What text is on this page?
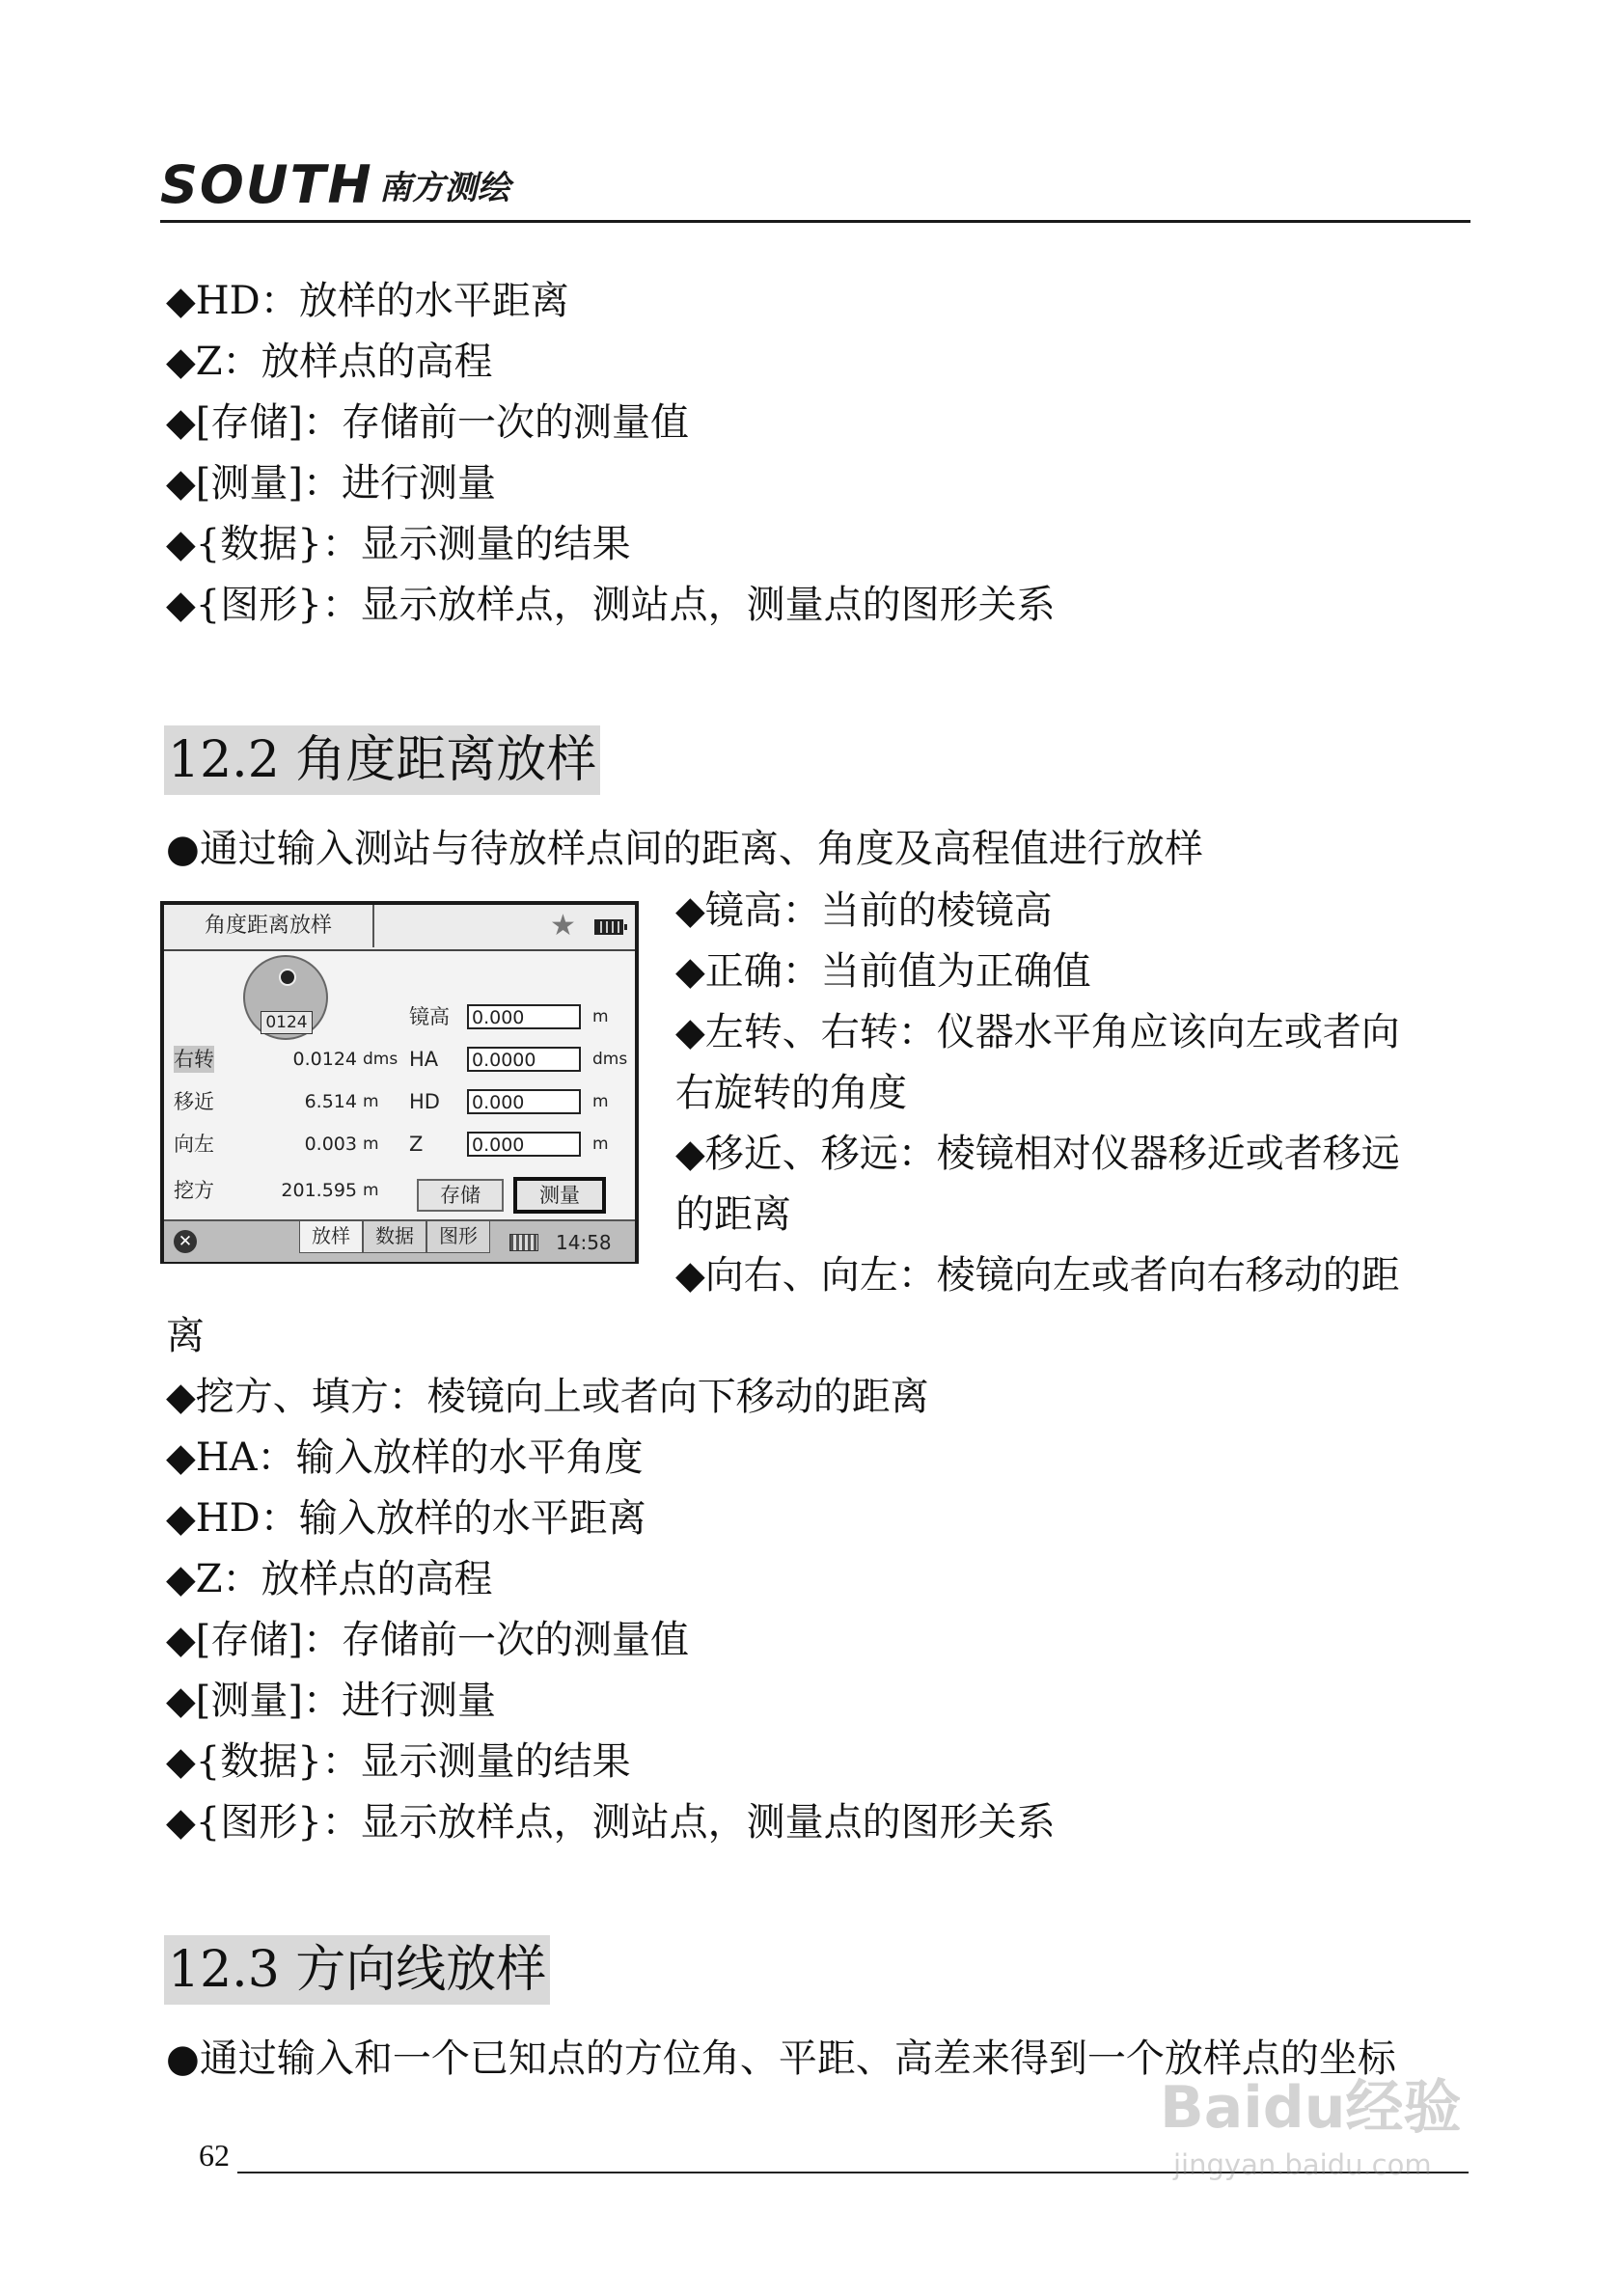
SOUTH 南方测绘
◆HD：放样的水平距离
◆Z：放样点的高程
◆[存储]：存储前一次的测量值
◆[测量]：进行测量
◆{数据}：显示测量的结果
◆{图形}：显示放样点，测站点，测量点的图形关系
12.2 角度距离放样
●通过输入测站与待放样点间的距离、角度及高程值进行放样
角度距离放样	★
0124
右转	0.0124 dms
移近	6.514 m
向左	0.003 m
挖方	201.595 m
镜高 0.000	m
HA 0.0000	dms
HD 0.000	m
Z	0.000	m
存储	测量
✕	放样	数据	图形	14:58
◆镜高：当前的棱镜高
◆正确：当前值为正确值
◆左转、右转：仪器水平角应该向左或者向
右旋转的角度
◆移近、移远：棱镜相对仪器移近或者移远
的距离
◆向右、向左：棱镜向左或者向右移动的距
离
◆挖方、填方：棱镜向上或者向下移动的距离
◆HA：输入放样的水平角度
◆HD：输入放样的水平距离
◆Z：放样点的高程
◆[存储]：存储前一次的测量值
◆[测量]：进行测量
◆{数据}：显示测量的结果
◆{图形}：显示放样点，测站点，测量点的图形关系
12.3 方向线放样
●通过输入和一个已知点的方位角、平距、高差来得到一个放样点的坐标
62
Baidu经验
jingyan.baidu.com
